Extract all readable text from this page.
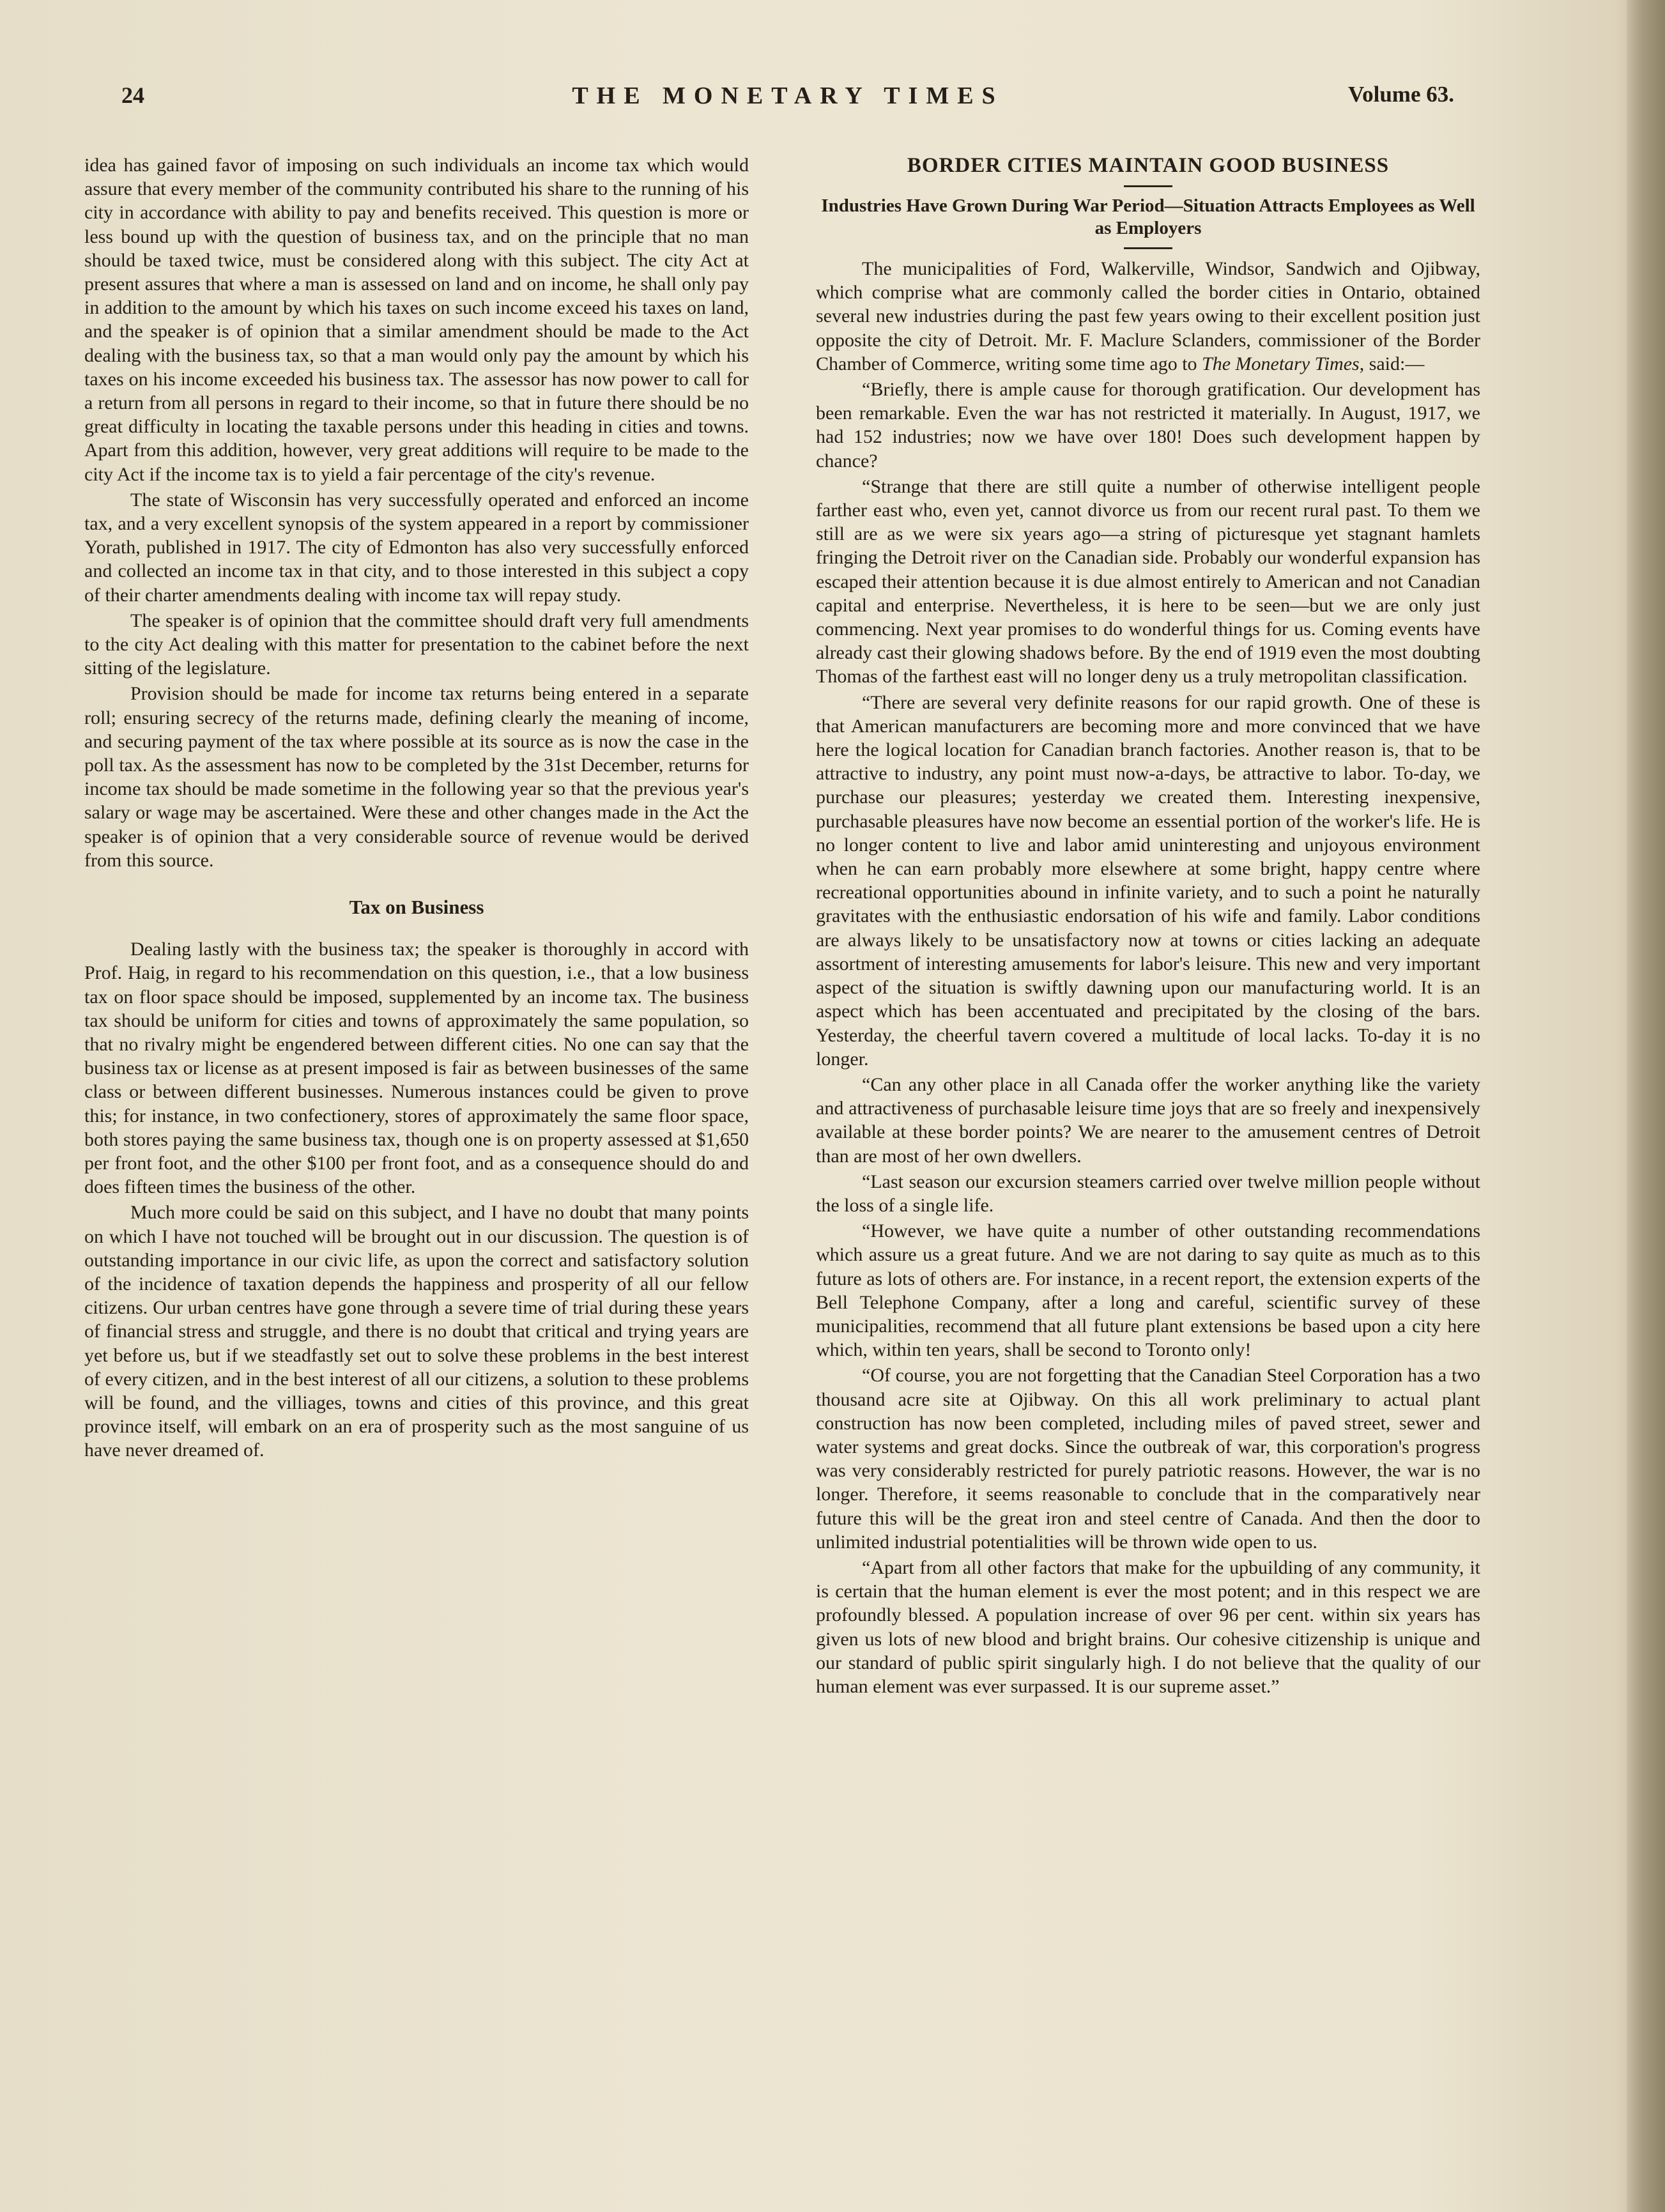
24	THE MONETARY TIMES	Volume 63.

idea has gained favor of imposing on such individuals an income tax which would assure that every member of the community contributed his share to the running of his city in accordance with ability to pay and benefits received. This question is more or less bound up with the question of business tax, and on the principle that no man should be taxed twice, must be considered along with this subject. The city Act at present assures that where a man is assessed on land and on income, he shall only pay in addition to the amount by which his taxes on such income exceed his taxes on land, and the speaker is of opinion that a similar amendment should be made to the Act dealing with the business tax, so that a man would only pay the amount by which his taxes on his income exceeded his business tax. The assessor has now power to call for a return from all persons in regard to their income, so that in future there should be no great difficulty in locating the taxable persons under this heading in cities and towns. Apart from this addition, however, very great additions will require to be made to the city Act if the income tax is to yield a fair percentage of the city's revenue.

The state of Wisconsin has very successfully operated and enforced an income tax, and a very excellent synopsis of the system appeared in a report by commissioner Yorath, published in 1917. The city of Edmonton has also very successfully enforced and collected an income tax in that city, and to those interested in this subject a copy of their charter amendments dealing with income tax will repay study.

The speaker is of opinion that the committee should draft very full amendments to the city Act dealing with this matter for presentation to the cabinet before the next sitting of the legislature.

Provision should be made for income tax returns being entered in a separate roll; ensuring secrecy of the returns made, defining clearly the meaning of income, and securing payment of the tax where possible at its source as is now the case in the poll tax. As the assessment has now to be completed by the 31st December, returns for income tax should be made sometime in the following year so that the previous year's salary or wage may be ascertained. Were these and other changes made in the Act the speaker is of opinion that a very considerable source of revenue would be derived from this source.

Tax on Business

Dealing lastly with the business tax; the speaker is thoroughly in accord with Prof. Haig, in regard to his recommendation on this question, i.e., that a low business tax on floor space should be imposed, supplemented by an income tax. The business tax should be uniform for cities and towns of approximately the same population, so that no rivalry might be engendered between different cities. No one can say that the business tax or license as at present imposed is fair as between businesses of the same class or between different businesses. Numerous instances could be given to prove this; for instance, in two confectionery, stores of approximately the same floor space, both stores paying the same business tax, though one is on property assessed at $1,650 per front foot, and the other $100 per front foot, and as a consequence should do and does fifteen times the business of the other.

Much more could be said on this subject, and I have no doubt that many points on which I have not touched will be brought out in our discussion. The question is of outstanding importance in our civic life, as upon the correct and satisfactory solution of the incidence of taxation depends the happiness and prosperity of all our fellow citizens. Our urban centres have gone through a severe time of trial during these years of financial stress and struggle, and there is no doubt that critical and trying years are yet before us, but if we steadfastly set out to solve these problems in the best interest of every citizen, and in the best interest of all our citizens, a solution to these problems will be found, and the villiages, towns and cities of this province, and this great province itself, will embark on an era of prosperity such as the most sanguine of us have never dreamed of.

BORDER CITIES MAINTAIN GOOD BUSINESS
Industries Have Grown During War Period—Situation Attracts Employees as Well as Employers

The municipalities of Ford, Walkerville, Windsor, Sandwich and Ojibway, which comprise what are commonly called the border cities in Ontario, obtained several new industries during the past few years owing to their excellent position just opposite the city of Detroit. Mr. F. Maclure Sclanders, commissioner of the Border Chamber of Commerce, writing some time ago to The Monetary Times, said:—

“Briefly, there is ample cause for thorough gratification. Our development has been remarkable. Even the war has not restricted it materially. In August, 1917, we had 152 industries; now we have over 180! Does such development happen by chance?

“Strange that there are still quite a number of otherwise intelligent people farther east who, even yet, cannot divorce us from our recent rural past. To them we still are as we were six years ago—a string of picturesque yet stagnant hamlets fringing the Detroit river on the Canadian side. Probably our wonderful expansion has escaped their attention because it is due almost entirely to American and not Canadian capital and enterprise. Nevertheless, it is here to be seen—but we are only just commencing. Next year promises to do wonderful things for us. Coming events have already cast their glowing shadows before. By the end of 1919 even the most doubting Thomas of the farthest east will no longer deny us a truly metropolitan classification.

“There are several very definite reasons for our rapid growth. One of these is that American manufacturers are becoming more and more convinced that we have here the logical location for Canadian branch factories. Another reason is, that to be attractive to industry, any point must now-a-days, be attractive to labor. To-day, we purchase our pleasures; yesterday we created them. Interesting inexpensive, purchasable pleasures have now become an essential portion of the worker's life. He is no longer content to live and labor amid uninteresting and unjoyous environment when he can earn probably more elsewhere at some bright, happy centre where recreational opportunities abound in infinite variety, and to such a point he naturally gravitates with the enthusiastic endorsation of his wife and family. Labor conditions are always likely to be unsatisfactory now at towns or cities lacking an adequate assortment of interesting amusements for labor's leisure. This new and very important aspect of the situation is swiftly dawning upon our manufacturing world. It is an aspect which has been accentuated and precipitated by the closing of the bars. Yesterday, the cheerful tavern covered a multitude of local lacks. To-day it is no longer.

“Can any other place in all Canada offer the worker anything like the variety and attractiveness of purchasable leisure time joys that are so freely and inexpensively available at these border points? We are nearer to the amusement centres of Detroit than are most of her own dwellers.

“Last season our excursion steamers carried over twelve million people without the loss of a single life.

“However, we have quite a number of other outstanding recommendations which assure us a great future. And we are not daring to say quite as much as to this future as lots of others are. For instance, in a recent report, the extension experts of the Bell Telephone Company, after a long and careful, scientific survey of these municipalities, recommend that all future plant extensions be based upon a city here which, within ten years, shall be second to Toronto only!

“Of course, you are not forgetting that the Canadian Steel Corporation has a two thousand acre site at Ojibway. On this all work preliminary to actual plant construction has now been completed, including miles of paved street, sewer and water systems and great docks. Since the outbreak of war, this corporation's progress was very considerably restricted for purely patriotic reasons. However, the war is no longer. Therefore, it seems reasonable to conclude that in the comparatively near future this will be the great iron and steel centre of Canada. And then the door to unlimited industrial potentialities will be thrown wide open to us.

“Apart from all other factors that make for the upbuilding of any community, it is certain that the human element is ever the most potent; and in this respect we are profoundly blessed. A population increase of over 96 per cent. within six years has given us lots of new blood and bright brains. Our cohesive citizenship is unique and our standard of public spirit singularly high. I do not believe that the quality of our human element was ever surpassed. It is our supreme asset.”
